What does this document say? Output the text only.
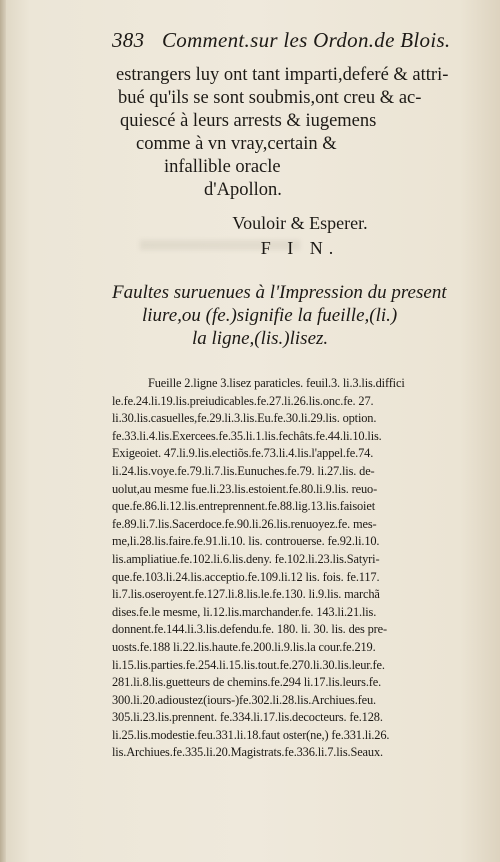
383 Comment.sur les Ordon.de Blois.
estrangers luy ont tant imparti,deferé & attri-
bué qu'ils se sont soubmis,ont creu & ac-
quiescé à leurs arrests & iugemens
comme à vn vray,certain &
infallible oracle
d'Apollon.
Vouloir & Esperer.
F I N.
Faultes suruenues à l'Impression du present
liure,ou (fe.)signifie la fueille,(li.)
la ligne,(lis.)lisez.
Fueille 2.ligne 3.lisez paraticles. feuil.3. li.3.lis.diffici
le.fe.24.li.19.lis.preiudicables.fe.27.li.26.lis.onc.fe. 27.
li.30.lis.casuelles,fe.29.li.3.lis.Eu.fe.30.li.29.lis. option.
fe.33.li.4.lis.Exercees.fe.35.li.1.lis.fechâts.fe.44.li.10.lis.
Exigeoiet. 47.li.9.lis.electiõs.fe.73.li.4.lis.l'appel.fe.74.
li.24.lis.voye.fe.79.li.7.lis.Eunuches.fe.79. li.27.lis. de-
uolut,au mesme fue.li.23.lis.estoient.fe.80.li.9.lis. reuo-
que.fe.86.li.12.lis.entreprennent.fe.88.lig.13.lis.faisoiet
fe.89.li.7.lis.Sacerdoce.fe.90.li.26.lis.renuoyez.fe. mes-
me,li.28.lis.faire.fe.91.li.10. lis. controuerse. fe.92.li.10.
lis.ampliatiue.fe.102.li.6.lis.deny. fe.102.li.23.lis.Satyri-
que.fe.103.li.24.lis.acceptio.fe.109.li.12 lis. fois. fe.117.
li.7.lis.oseroyent.fe.127.li.8.lis.le.fe.130. li.9.lis. marchã
dises.fe.le mesme, li.12.lis.marchander.fe. 143.li.21.lis.
donnent.fe.144.li.3.lis.defendu.fe. 180. li. 30. lis. des pre-
uosts.fe.188 li.22.lis.haute.fe.200.li.9.lis.la cour.fe.219.
li.15.lis.parties.fe.254.li.15.lis.tout.fe.270.li.30.lis.leur.fe.
281.li.8.lis.guetteurs de chemins.fe.294 li.17.lis.leurs.fe.
300.li.20.adioustez(iours-)fe.302.li.28.lis.Archiues.feu.
305.li.23.lis.prennent. fe.334.li.17.lis.decocteurs. fe.128.
li.25.lis.modestie.feu.331.li.18.faut oster(ne,) fe.331.li.26.
lis.Archiues.fe.335.li.20.Magistrats.fe.336.li.7.lis.Seaux.
